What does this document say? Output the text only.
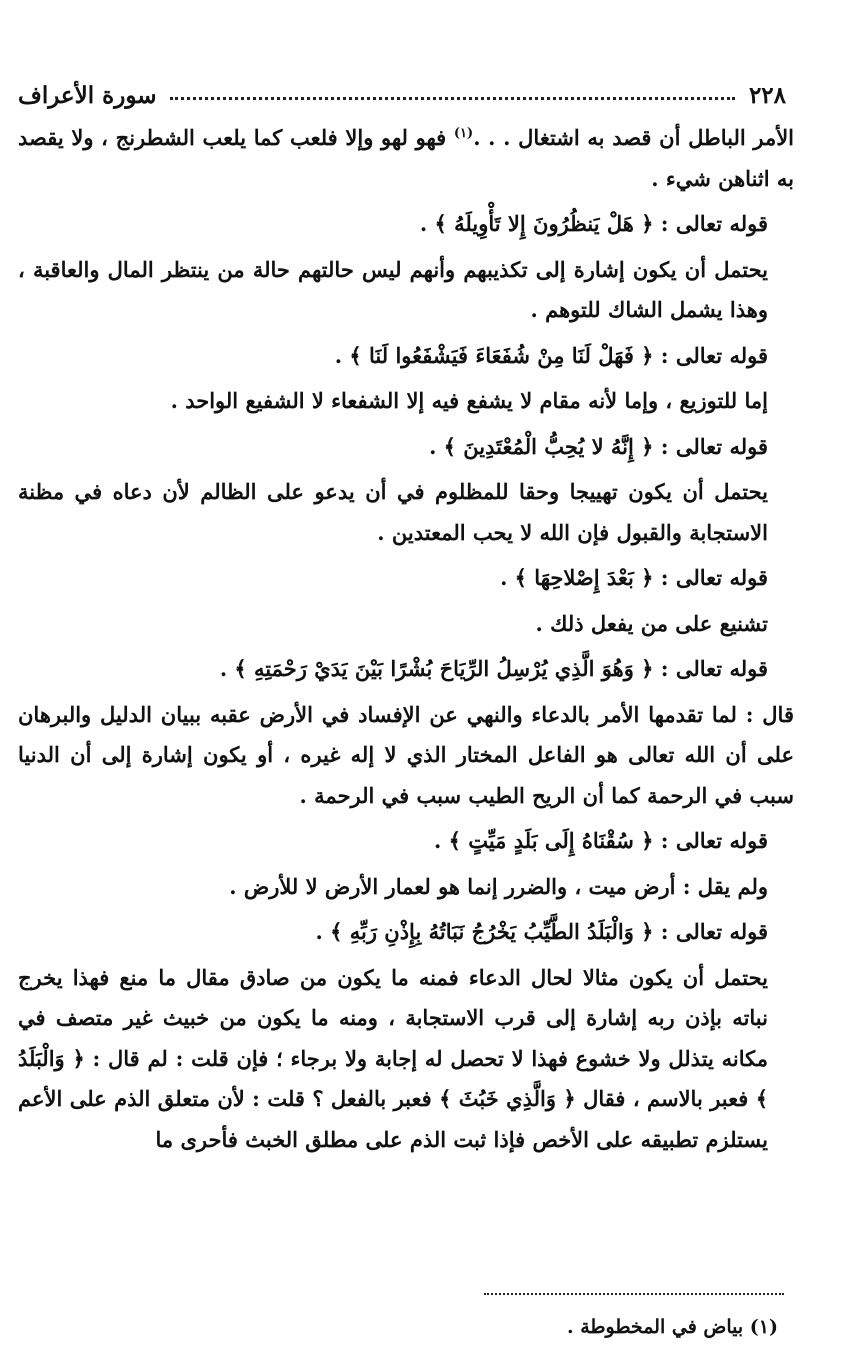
٢٢٨
سورة الأعراف

الأمر الباطل أن قصد به اشتغال . . .$^{(١)}$ فهو لهو وإلا فلعب كما يلعب الشطرنج ، ولا يقصد به اثناهن شيء .

قوله تعالى : ﴿ هَلْ يَنظُرُونَ إِلا تَأْوِيلَهُ ﴾ .

يحتمل أن يكون إشارة إلى تكذيبهم وأنهم ليس حالتهم حالة من ينتظر المال والعاقبة ، وهذا يشمل الشاك للتوهم .

قوله تعالى : ﴿ فَهَلْ لَنَا مِنْ شُفَعَاءَ فَيَشْفَعُوا لَنَا ﴾ .

إما للتوزيع ، وإما لأنه مقام لا يشفع فيه إلا الشفعاء لا الشفيع الواحد .

قوله تعالى : ﴿ إِنَّهُ لا يُحِبُّ الْمُعْتَدِينَ ﴾ .

يحتمل أن يكون تهييجا وحقا للمظلوم في أن يدعو على الظالم لأن دعاه في مظنة الاستجابة والقبول فإن الله لا يحب المعتدين .

قوله تعالى : ﴿ بَعْدَ إِصْلاحِهَا ﴾ .

تشنيع على من يفعل ذلك .

قوله تعالى : ﴿ وَهُوَ الَّذِي يُرْسِلُ الرِّيَاحَ بُشْرًا بَيْنَ يَدَيْ رَحْمَتِهِ ﴾ .

قال : لما تقدمها الأمر بالدعاء والنهي عن الإفساد في الأرض عقبه ببيان الدليل والبرهان على أن الله تعالى هو الفاعل المختار الذي لا إله غيره ، أو يكون إشارة إلى أن الدنيا سبب في الرحمة كما أن الريح الطيب سبب في الرحمة .

قوله تعالى : ﴿ سُقْنَاهُ إِلَى بَلَدٍ مَيِّتٍ ﴾ .

ولم يقل : أرض ميت ، والضرر إنما هو لعمار الأرض لا للأرض .

قوله تعالى : ﴿ وَالْبَلَدُ الطَّيِّبُ يَخْرُجُ نَبَاتُهُ بِإِذْنِ رَبِّهِ ﴾ .

يحتمل أن يكون مثالا لحال الدعاء فمنه ما يكون من صادق مقال ما منع فهذا يخرج نباته بإذن ربه إشارة إلى قرب الاستجابة ، ومنه ما يكون من خبيث غير متصف في مكانه يتذلل ولا خشوع فهذا لا تحصل له إجابة ولا برجاء ؛ فإن قلت : لم قال : ﴿ وَالْبَلَدُ ﴾ فعبر بالاسم ، فقال ﴿ وَالَّذِي خَبُثَ ﴾ فعبر بالفعل ؟ قلت : لأن متعلق الذم على الأعم يستلزم تطبيقه على الأخص فإذا ثبت الذم على مطلق الخبث فأحرى ما

(١) بياض في المخطوطة .
